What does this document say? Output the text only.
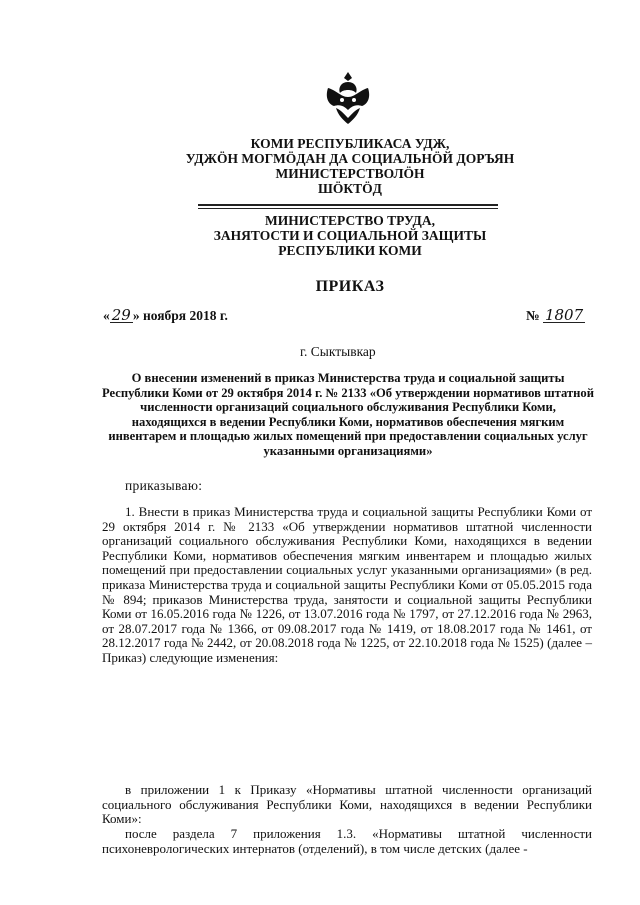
КОМИ РЕСПУБЛИКАСА УДЖ,
УДЖӦН МОГМӦДАН ДА СОЦИАЛЬНӦЙ ДОРЪЯН
МИНИСТЕРСТВОЛӦН
ШӦКТӦД
МИНИСТЕРСТВО ТРУДА,
ЗАНЯТОСТИ И СОЦИАЛЬНОЙ ЗАЩИТЫ
РЕСПУБЛИКИ КОМИ
ПРИКАЗ
« 29 » ноября 2018 г.	№ 1807
г. Сыктывкар
О внесении изменений в приказ Министерства труда и социальной защиты Республики Коми от 29 октября 2014 г. № 2133 «Об утверждении нормативов штатной численности организаций социального обслуживания Республики Коми, находящихся в ведении Республики Коми, нормативов обеспечения мягким инвентарем и площадью жилых помещений при предоставлении социальных услуг указанными организациями»
приказываю:
1. Внести в приказ Министерства труда и социальной защиты Республики Коми от 29 октября 2014 г. № 2133 «Об утверждении нормативов штатной численности организаций социального обслуживания Республики Коми, находящихся в ведении Республики Коми, нормативов обеспечения мягким инвентарем и площадью жилых помещений при предоставлении социальных услуг указанными организациями» (в ред. приказа Министерства труда и социальной защиты Республики Коми от 05.05.2015 года № 894; приказов Министерства труда, занятости и социальной защиты Республики Коми от 16.05.2016 года № 1226, от 13.07.2016 года № 1797, от 27.12.2016 года № 2963, от 28.07.2017 года № 1366, от 09.08.2017 года № 1419, от 18.08.2017 года № 1461, от 28.12.2017 года № 2442, от 20.08.2018 года № 1225, от 22.10.2018 года № 1525) (далее – Приказ) следующие изменения:
в приложении 1 к Приказу «Нормативы штатной численности организаций социального обслуживания Республики Коми, находящихся в ведении Республики Коми»:
после раздела 7 приложения 1.3. «Нормативы штатной численности психоневрологических интернатов (отделений), в том числе детских (далее -
